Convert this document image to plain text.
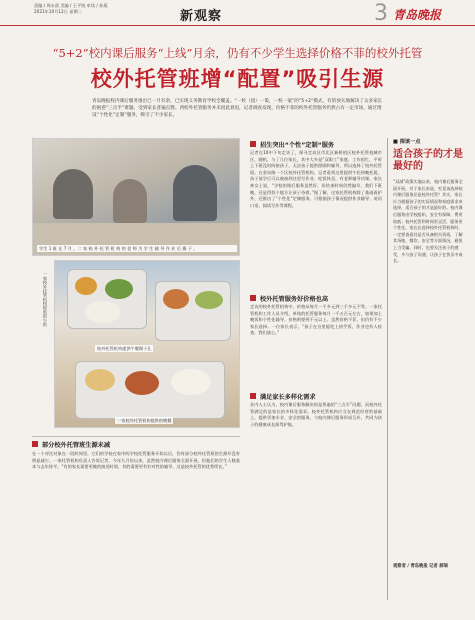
责编 / 周永贤 美编 / 王平锐 审读 / 孙燕
2021年10月12日 星期二	新观察	3 青岛晚报
“5+2”校内课后服务“上线”月余，仍有不少学生选择价格不菲的校外托管
校外托管班增“配置”吸引生源
青岛晚报校内课后服务推出已一月有余，已实现义务教育学校全覆盖。“一校（园）一策，一校一案”的“5+2”模式，有的放矢地解决了众多家长的困惑“三点半”难题。受到家长普遍点赞。西校外托管服务并未因此衰退，记者调查发现，价格不菲的校外托管服务仍然占有一定市场，通过增设“个性化”定制“服务，吸引了不少家长。
学生 1 班 在 7 月 ，二 家 校 外 托 管 机 构 的 老 师 为 学 生 辅 导 作 业 后 摄 于 。
校外托管机构提供午餐摄于孔
一家校外托管机构提供的晚餐
一家校外托管机构提供的午饭
招生突出“个性”定制“服务
记者在10中下旬走访了，探寻走岛区市北区新桥的区校外托管校城市区，随机，与了几位家长，其中大多是“双职工”家庭，工作很忙，平时上下班没时间接孩子，无法孩子提供照顾和辅导，所以选择了校外托管班。在金岛路一个区校外托管机构，记者看到这里提供午托和晚托班，孩子放学后可以被接到这里写作业、吃饭休息，有老师辅导功课。家长林女士说，“学校的课后服务虽然好，但结束时间仍然偏早，我们下班晚，还是得找个地方让孩子待着。”据了解，这家托管机构除了基础看护外，还推出了“个性化”定制服务，可根据孩子情况提供作业辅导、英语口语、阅读写作等课程。
校外托管服务好价格也高
走访的校外托管机构中，价格从每月一千多元到三千多元不等。一家托管机构工作人员介绍，单纯的托管服务每月一千五百元左右，如果加上晚饭和个性化辅导，价格则要两千元以上。虽然价格不菲，但仍有不少家长选择。一位家长表示，“孩子在这里能吃上热乎饭，作业也有人检查，我们放心。”
部分校外托管班生源未减
在一个对比对象在一段时间里，它们的学校在家中的学校托管服务开始以后，仍有部分校外托管班的生源并没有明显减少。一家托管机构负责人告诉记者，今年九月份以来，虽然校内课后服务全面开展，但他们的学生人数基本与去年持平。“有的家长需要更晚的接送时间，有的需要更有针对性的辅导，这是校外托管的优势所在。”
满足家长多样化需求
业内人士认为，校内课后服务解决的是普遍的“三点半”问题，而校外托管满足的是家长的多样化需求。校外托管机构应当在规范经营的基础上，提供更加专业、安全的服务，与校内课后服务形成互补，共同为孩子的健康成长保驾护航。
■ 探谈一点
适合孩子的才是最好的
“双减”政策实施以来，校内课后服务全面开展，对于家长来说，究竟该选择校内课后服务还是校外托管？其实，家长应当根据孩子的实际情况和家庭需求来选择，适合孩子的才是最好的。校内课后服务由学校组织，安全有保障，费用较低；校外托管则时间更灵活，服务更个性化。家长在选择校外托管机构时，一定要查看其是否具备相关资质，了解其场地、餐饮、安全等方面情况，避免上当受骗。同时，也要关注孩子的感受，多与孩子沟通，让孩子在快乐中成长。
观察者 / 青岛晚报 记者 郝瑞
